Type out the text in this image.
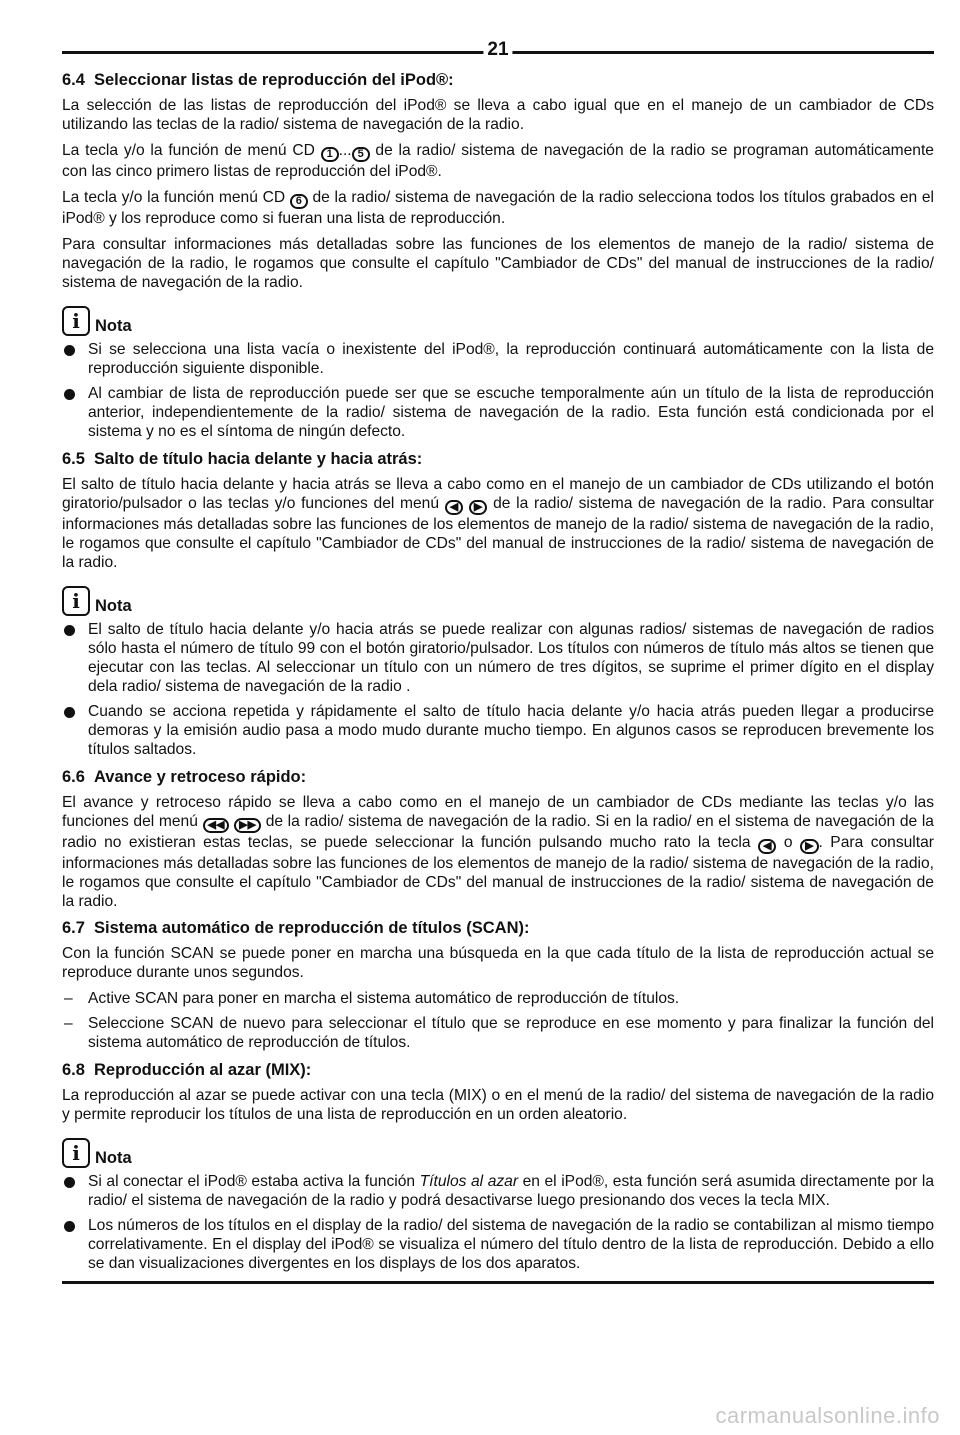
21
6.4 Seleccionar listas de reproducción del iPod®:

La selección de las listas de reproducción del iPod® se lleva a cabo igual que en el manejo de un cambiador de CDs utilizando las teclas de la radio/ sistema de navegación de la radio.

La tecla y/o la función de menú CD 1 ... 5 de la radio/ sistema de navegación de la radio se programan automáticamente con las cinco primero listas de reproducción del iPod®.

La tecla y/o la función menú CD 6 de la radio/ sistema de navegación de la radio selecciona todos los títulos grabados en el iPod® y los reproduce como si fueran una lista de reproducción.

Para consultar informaciones más detalladas sobre las funciones de los elementos de manejo de la radio/ sistema de navegación de la radio, le rogamos que consulte el capítulo "Cambiador de CDs" del manual de instrucciones de la radio/ sistema de navegación de la radio.

i Nota
Si se selecciona una lista vacía o inexistente del iPod®, la reproducción continuará automáticamente con la lista de reproducción siguiente disponible.
Al cambiar de lista de reproducción puede ser que se escuche temporalmente aún un título de la lista de reproducción anterior, independientemente de la radio/ sistema de navegación de la radio. Esta función está condicionada por el sistema y no es el síntoma de ningún defecto.
6.5 Salto de título hacia delante y hacia atrás:

El salto de título hacia delante y hacia atrás se lleva a cabo como en el manejo de un cambiador de CDs utilizando el botón giratorio/pulsador o las teclas y/o funciones del menú ◀ ▶ de la radio/ sistema de navegación de la radio. Para consultar informaciones más detalladas sobre las funciones de los elementos de manejo de la radio/ sistema de navegación de la radio, le rogamos que consulte el capítulo "Cambiador de CDs" del manual de instrucciones de la radio/ sistema de navegación de la radio.

i Nota
El salto de título hacia delante y/o hacia atrás se puede realizar con algunas radios/ sistemas de navegación de radios sólo hasta el número de título 99 con el botón giratorio/pulsador. Los títulos con números de título más altos se tienen que ejecutar con las teclas. Al seleccionar un título con un número de tres dígitos, se suprime el primer dígito en el display dela radio/ sistema de navegación de la radio .
Cuando se acciona repetida y rápidamente el salto de título hacia delante y/o hacia atrás pueden llegar a producirse demoras y la emisión audio pasa a modo mudo durante mucho tiempo. En algunos casos se reproducen brevemente los títulos saltados.
6.6 Avance y retroceso rápido:

El avance y retroceso rápido se lleva a cabo como en el manejo de un cambiador de CDs mediante las teclas y/o las funciones del menú ◀◀ ▶▶ de la radio/ sistema de navegación de la radio. Si en la radio/ en el sistema de navegación de la radio no existieran estas teclas, se puede seleccionar la función pulsando mucho rato la tecla ◀ o ▶ . Para consultar informaciones más detalladas sobre las funciones de los elementos de manejo de la radio/ sistema de navegación de la radio, le rogamos que consulte el capítulo "Cambiador de CDs" del manual de instrucciones de la radio/ sistema de navegación de la radio.

6.7 Sistema automático de reproducción de títulos (SCAN):

Con la función SCAN se puede poner en marcha una búsqueda en la que cada título de la lista de reproducción actual se reproduce durante unos segundos.

– Active SCAN para poner en marcha el sistema automático de reproducción de títulos.
– Seleccione SCAN de nuevo para seleccionar el título que se reproduce en ese momento y para finalizar la función del sistema automático de reproducción de títulos.
6.8 Reproducción al azar (MIX):

La reproducción al azar se puede activar con una tecla (MIX) o en el menú de la radio/ del sistema de navegación de la radio y permite reproducir los títulos de una lista de reproducción en un orden aleatorio.

i Nota
Si al conectar el iPod® estaba activa la función Títulos al azar en el iPod®, esta función será asumida directamente por la radio/ el sistema de navegación de la radio y podrá desactivarse luego presionando dos veces la tecla MIX.
Los números de los títulos en el display de la radio/ del sistema de navegación de la radio se contabilizan al mismo tiempo correlativamente. En el display del iPod® se visualiza el número del título dentro de la lista de reproducción. Debido a ello se dan visualizaciones divergentes en los displays de los dos aparatos.
carmanualsonline.info
